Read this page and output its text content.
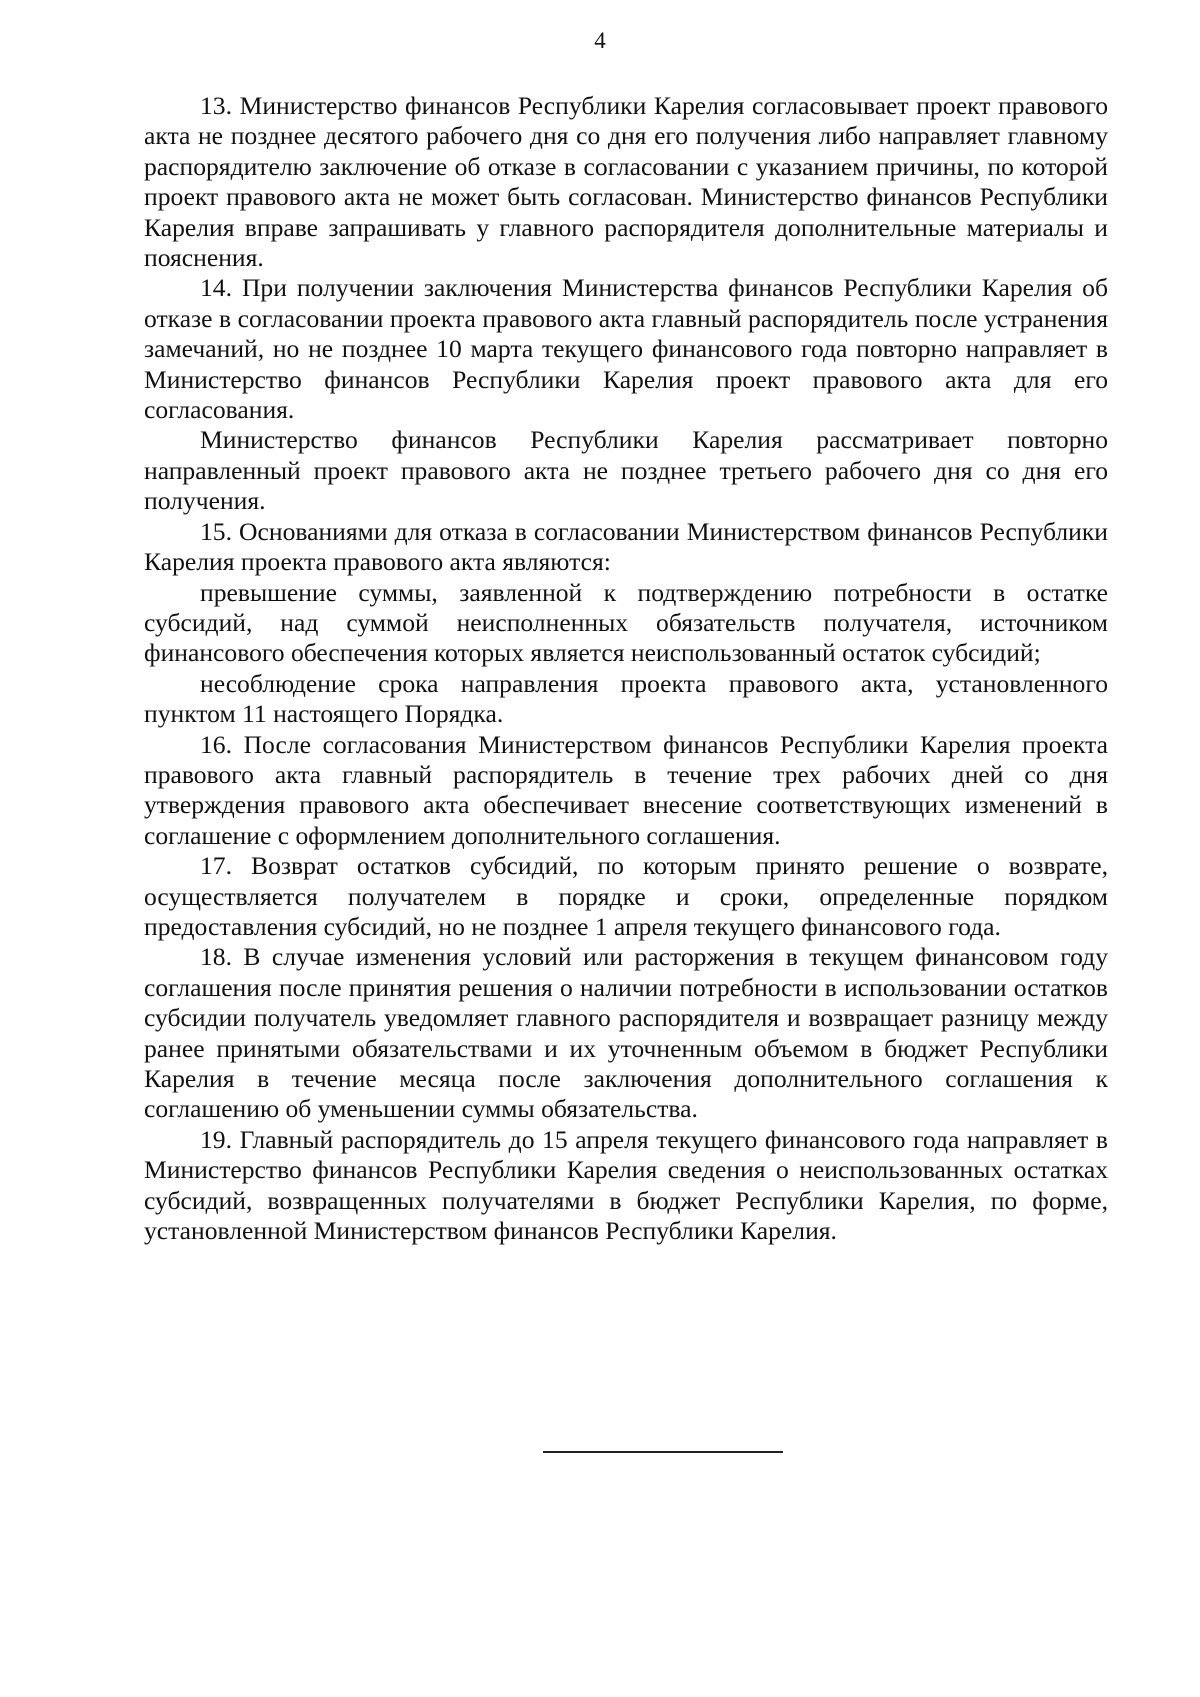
4

13. Министерство финансов Республики Карелия согласовывает проект правового акта не позднее десятого рабочего дня со дня его получения либо направляет главному распорядителю заключение об отказе в согласовании с указанием причины, по которой проект правового акта не может быть согласован. Министерство финансов Республики Карелия вправе запрашивать у главного распорядителя дополнительные материалы и пояснения.

14. При получении заключения Министерства финансов Республики Карелия об отказе в согласовании проекта правового акта главный распорядитель после устранения замечаний, но не позднее 10 марта текущего финансового года повторно направляет в Министерство финансов Республики Карелия проект правового акта для его согласования.

Министерство финансов Республики Карелия рассматривает повторно направленный проект правового акта не позднее третьего рабочего дня со дня его получения.

15. Основаниями для отказа в согласовании Министерством финансов Республики Карелия проекта правового акта являются:

превышение суммы, заявленной к подтверждению потребности в остатке субсидий, над суммой неисполненных обязательств получателя, источником финансового обеспечения которых является неиспользованный остаток субсидий;

несоблюдение срока направления проекта правового акта, установленного пунктом 11 настоящего Порядка.

16. После согласования Министерством финансов Республики Карелия проекта правового акта главный распорядитель в течение трех рабочих дней со дня утверждения правового акта обеспечивает внесение соответствующих изменений в соглашение с оформлением дополнительного соглашения.

17. Возврат остатков субсидий, по которым принято решение о возврате, осуществляется получателем в порядке и сроки, определенные порядком предоставления субсидий, но не позднее 1 апреля текущего финансового года.

18. В случае изменения условий или расторжения в текущем финансовом году соглашения после принятия решения о наличии потребности в использовании остатков субсидии получатель уведомляет главного распорядителя и возвращает разницу между ранее принятыми обязательствами и их уточненным объемом в бюджет Республики Карелия в течение месяца после заключения дополнительного соглашения к соглашению об уменьшении суммы обязательства.

19. Главный распорядитель до 15 апреля текущего финансового года направляет в Министерство финансов Республики Карелия сведения о неиспользованных остатках субсидий, возвращенных получателями в бюджет Республики Карелия, по форме, установленной Министерством финансов Республики Карелия.
